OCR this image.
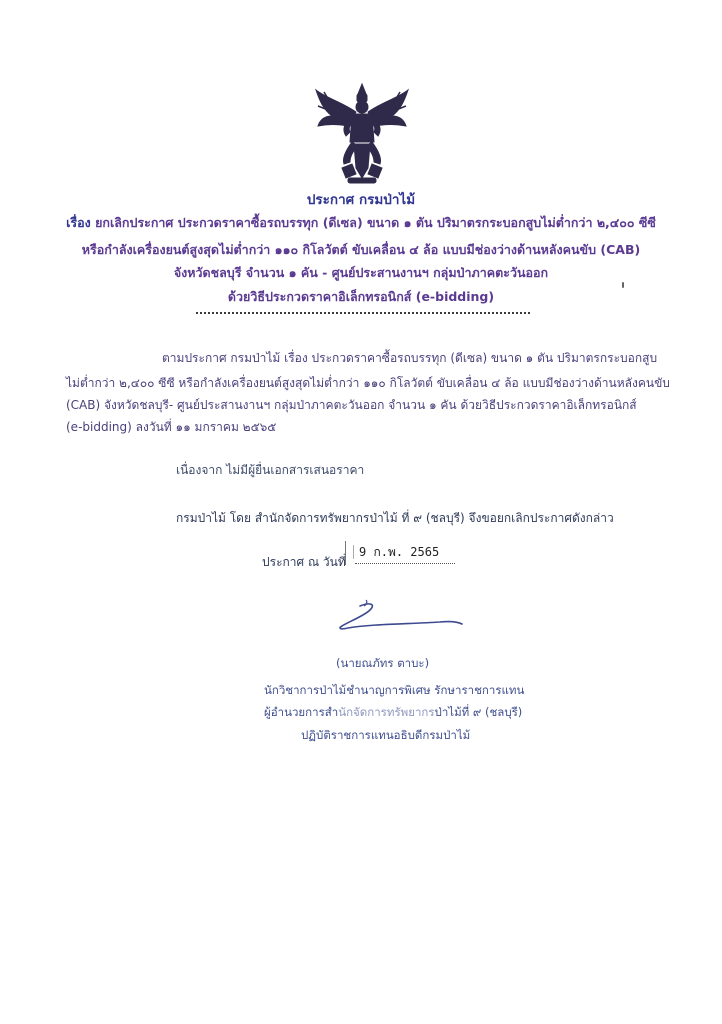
ประกาศ กรมป่าไม้
เรื่อง ยกเลิกประกาศ ประกวดราคาซื้อรถบรรทุก (ดีเซล) ขนาด ๑ ตัน ปริมาตรกระบอกสูบไม่ต่ำกว่า ๒,๔๐๐ ซีซี
หรือกำลังเครื่องยนต์สูงสุดไม่ต่ำกว่า ๑๑๐ กิโลวัตต์ ขับเคลื่อน ๔ ล้อ แบบมีช่องว่างด้านหลังคนขับ (CAB)
จังหวัดชลบุรี จำนวน ๑ คัน - ศูนย์ประสานงานฯ กลุ่มป่าภาคตะวันออก
ด้วยวิธีประกวดราคาอิเล็กทรอนิกส์ (e-bidding)
ตามประกาศ กรมป่าไม้ เรื่อง ประกวดราคาซื้อรถบรรทุก (ดีเซล) ขนาด ๑ ตัน ปริมาตรกระบอกสูบ
ไม่ต่ำกว่า ๒,๔๐๐ ซีซี หรือกำลังเครื่องยนต์สูงสุดไม่ต่ำกว่า ๑๑๐ กิโลวัตต์ ขับเคลื่อน ๔ ล้อ แบบมีช่องว่างด้านหลังคนขับ
(CAB) จังหวัดชลบุรี- ศูนย์ประสานงานฯ กลุ่มป่าภาคตะวันออก จำนวน ๑ คัน ด้วยวิธีประกวดราคาอิเล็กทรอนิกส์
(e-bidding) ลงวันที่ ๑๑ มกราคม ๒๕๖๕
เนื่องจาก ไม่มีผู้ยื่นเอกสารเสนอราคา
กรมป่าไม้ โดย สำนักจัดการทรัพยากรป่าไม้ ที่ ๙ (ชลบุรี) จึงขอยกเลิกประกาศดังกล่าว
ประกาศ ณ วันที่
9 ก.พ. 2565
(นายณภัทร ตาบะ)
นักวิชาการป่าไม้ชำนาญการพิเศษ รักษาราชการแทน
ผู้อำนวยการสำนักจัดการทรัพยากรป่าไม้ที่ ๙ (ชลบุรี)
ปฏิบัติราชการแทนอธิบดีกรมป่าไม้
